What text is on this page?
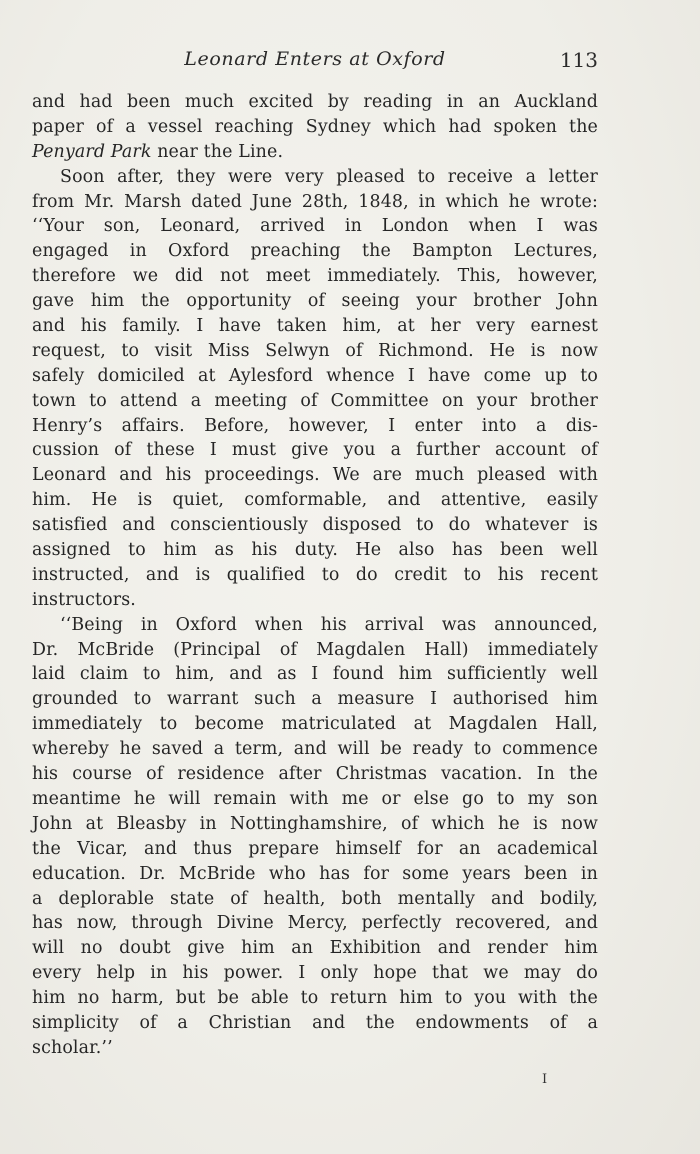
Leonard Enters at Oxford	113
and had been much excited by reading in an Auckland
paper of a vessel reaching Sydney which had spoken the
Penyard Park near the Line.
Soon after, they were very pleased to receive a letter
from Mr. Marsh dated June 28th, 1848, in which he wrote:
‘‘Your son, Leonard, arrived in London when I was
engaged in Oxford preaching the Bampton Lectures,
therefore we did not meet immediately. This, however,
gave him the opportunity of seeing your brother John
and his family. I have taken him, at her very earnest
request, to visit Miss Selwyn of Richmond. He is now
safely domiciled at Aylesford whence I have come up to
town to attend a meeting of Committee on your brother
Henry’s affairs. Before, however, I enter into a dis-
cussion of these I must give you a further account of
Leonard and his proceedings. We are much pleased with
him. He is quiet, comformable, and attentive, easily
satisfied and conscientiously disposed to do whatever is
assigned to him as his duty. He also has been well
instructed, and is qualified to do credit to his recent
instructors.
‘‘Being in Oxford when his arrival was announced,
Dr. McBride (Principal of Magdalen Hall) immediately
laid claim to him, and as I found him sufficiently well
grounded to warrant such a measure I authorised him
immediately to become matriculated at Magdalen Hall,
whereby he saved a term, and will be ready to commence
his course of residence after Christmas vacation. In the
meantime he will remain with me or else go to my son
John at Bleasby in Nottinghamshire, of which he is now
the Vicar, and thus prepare himself for an academical
education. Dr. McBride who has for some years been in
a deplorable state of health, both mentally and bodily,
has now, through Divine Mercy, perfectly recovered, and
will no doubt give him an Exhibition and render him
every help in his power. I only hope that we may do
him no harm, but be able to return him to you with the
simplicity of a Christian and the endowments of a
scholar.’’
I
